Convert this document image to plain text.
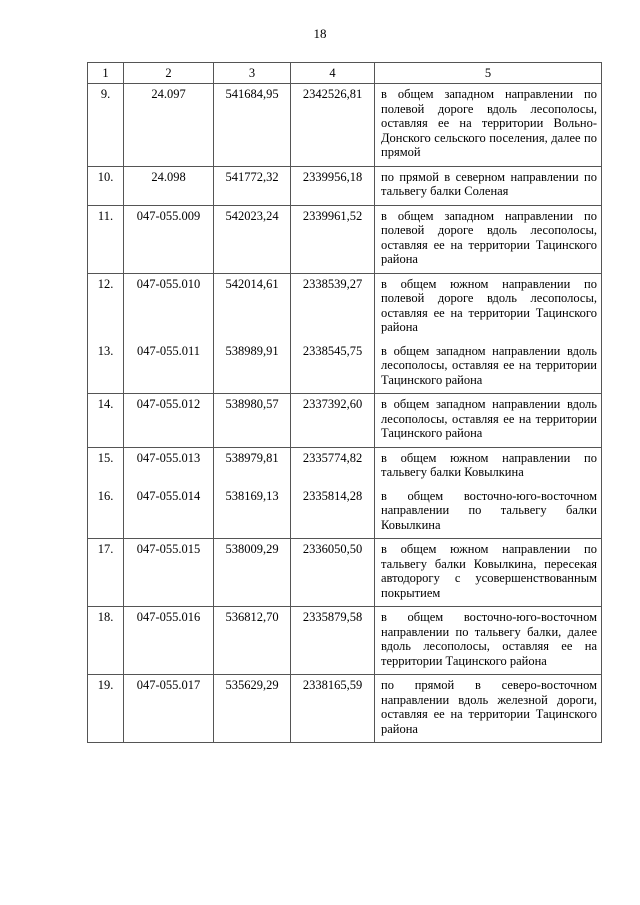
18
1	2	3	4	5
9.	24.097	541684,95	2342526,81	в общем западном направлении по полевой дороге вдоль лесополосы, оставляя ее на территории Вольно-Донского сельского поселения, далее по прямой
10.	24.098	541772,32	2339956,18	по прямой в северном направлении по тальвегу балки Соленая
11.	047-055.009	542023,24	2339961,52	в общем западном направлении по полевой дороге вдоль лесополосы, оставляя ее на территории Тацинского района
12.	047-055.010	542014,61	2338539,27	в общем южном направлении по полевой дороге вдоль лесополосы, оставляя ее на территории Тацинского района
13.	047-055.011	538989,91	2338545,75	в общем западном направлении вдоль лесополосы, оставляя ее на территории Тацинского района
14.	047-055.012	538980,57	2337392,60	в общем западном направлении вдоль лесополосы, оставляя ее на территории Тацинского района
15.	047-055.013	538979,81	2335774,82	в общем южном направлении по тальвегу балки Ковылкина
16.	047-055.014	538169,13	2335814,28	в общем восточно-юго-восточном направлении по тальвегу балки Ковылкина
17.	047-055.015	538009,29	2336050,50	в общем южном направлении по тальвегу балки Ковылкина, пересекая автодорогу с усовершенствованным покрытием
18.	047-055.016	536812,70	2335879,58	в общем восточно-юго-восточном направлении по тальвегу балки, далее вдоль лесополосы, оставляя ее на территории Тацинского района
19.	047-055.017	535629,29	2338165,59	по прямой в северо-восточном направлении вдоль железной дороги, оставляя ее на территории Тацинского района
